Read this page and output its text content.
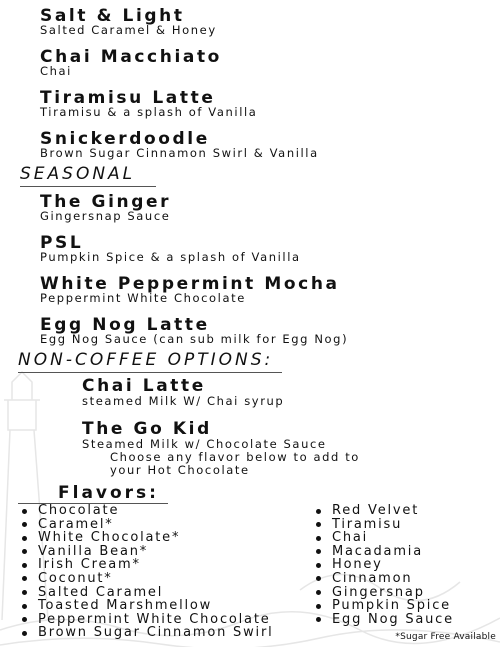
Salt & Light
Salted Caramel & Honey
Chai Macchiato
Chai
Tiramisu Latte
Tiramisu & a splash of Vanilla
Snickerdoodle
Brown Sugar Cinnamon Swirl & Vanilla
SEASONAL
The Ginger
Gingersnap Sauce
PSL
Pumpkin Spice & a splash of Vanilla
White Peppermint Mocha
Peppermint White Chocolate
Egg Nog Latte
Egg Nog Sauce (can sub milk for Egg Nog)
NON-COFFEE OPTIONS:
Chai Latte
steamed Milk W/ Chai syrup
The Go Kid
Steamed Milk w/ Chocolate Sauce
Choose any flavor below to add to
your Hot Chocolate
Flavors:
Chocolate
Caramel*
White Chocolate*
Vanilla Bean*
Irish Cream*
Coconut*
Salted Caramel
Toasted Marshmellow
Peppermint White Chocolate
Brown Sugar Cinnamon Swirl
Red Velvet
Tiramisu
Chai
Macadamia
Honey
Cinnamon
Gingersnap
Pumpkin Spice
Egg Nog Sauce
*Sugar Free Available
